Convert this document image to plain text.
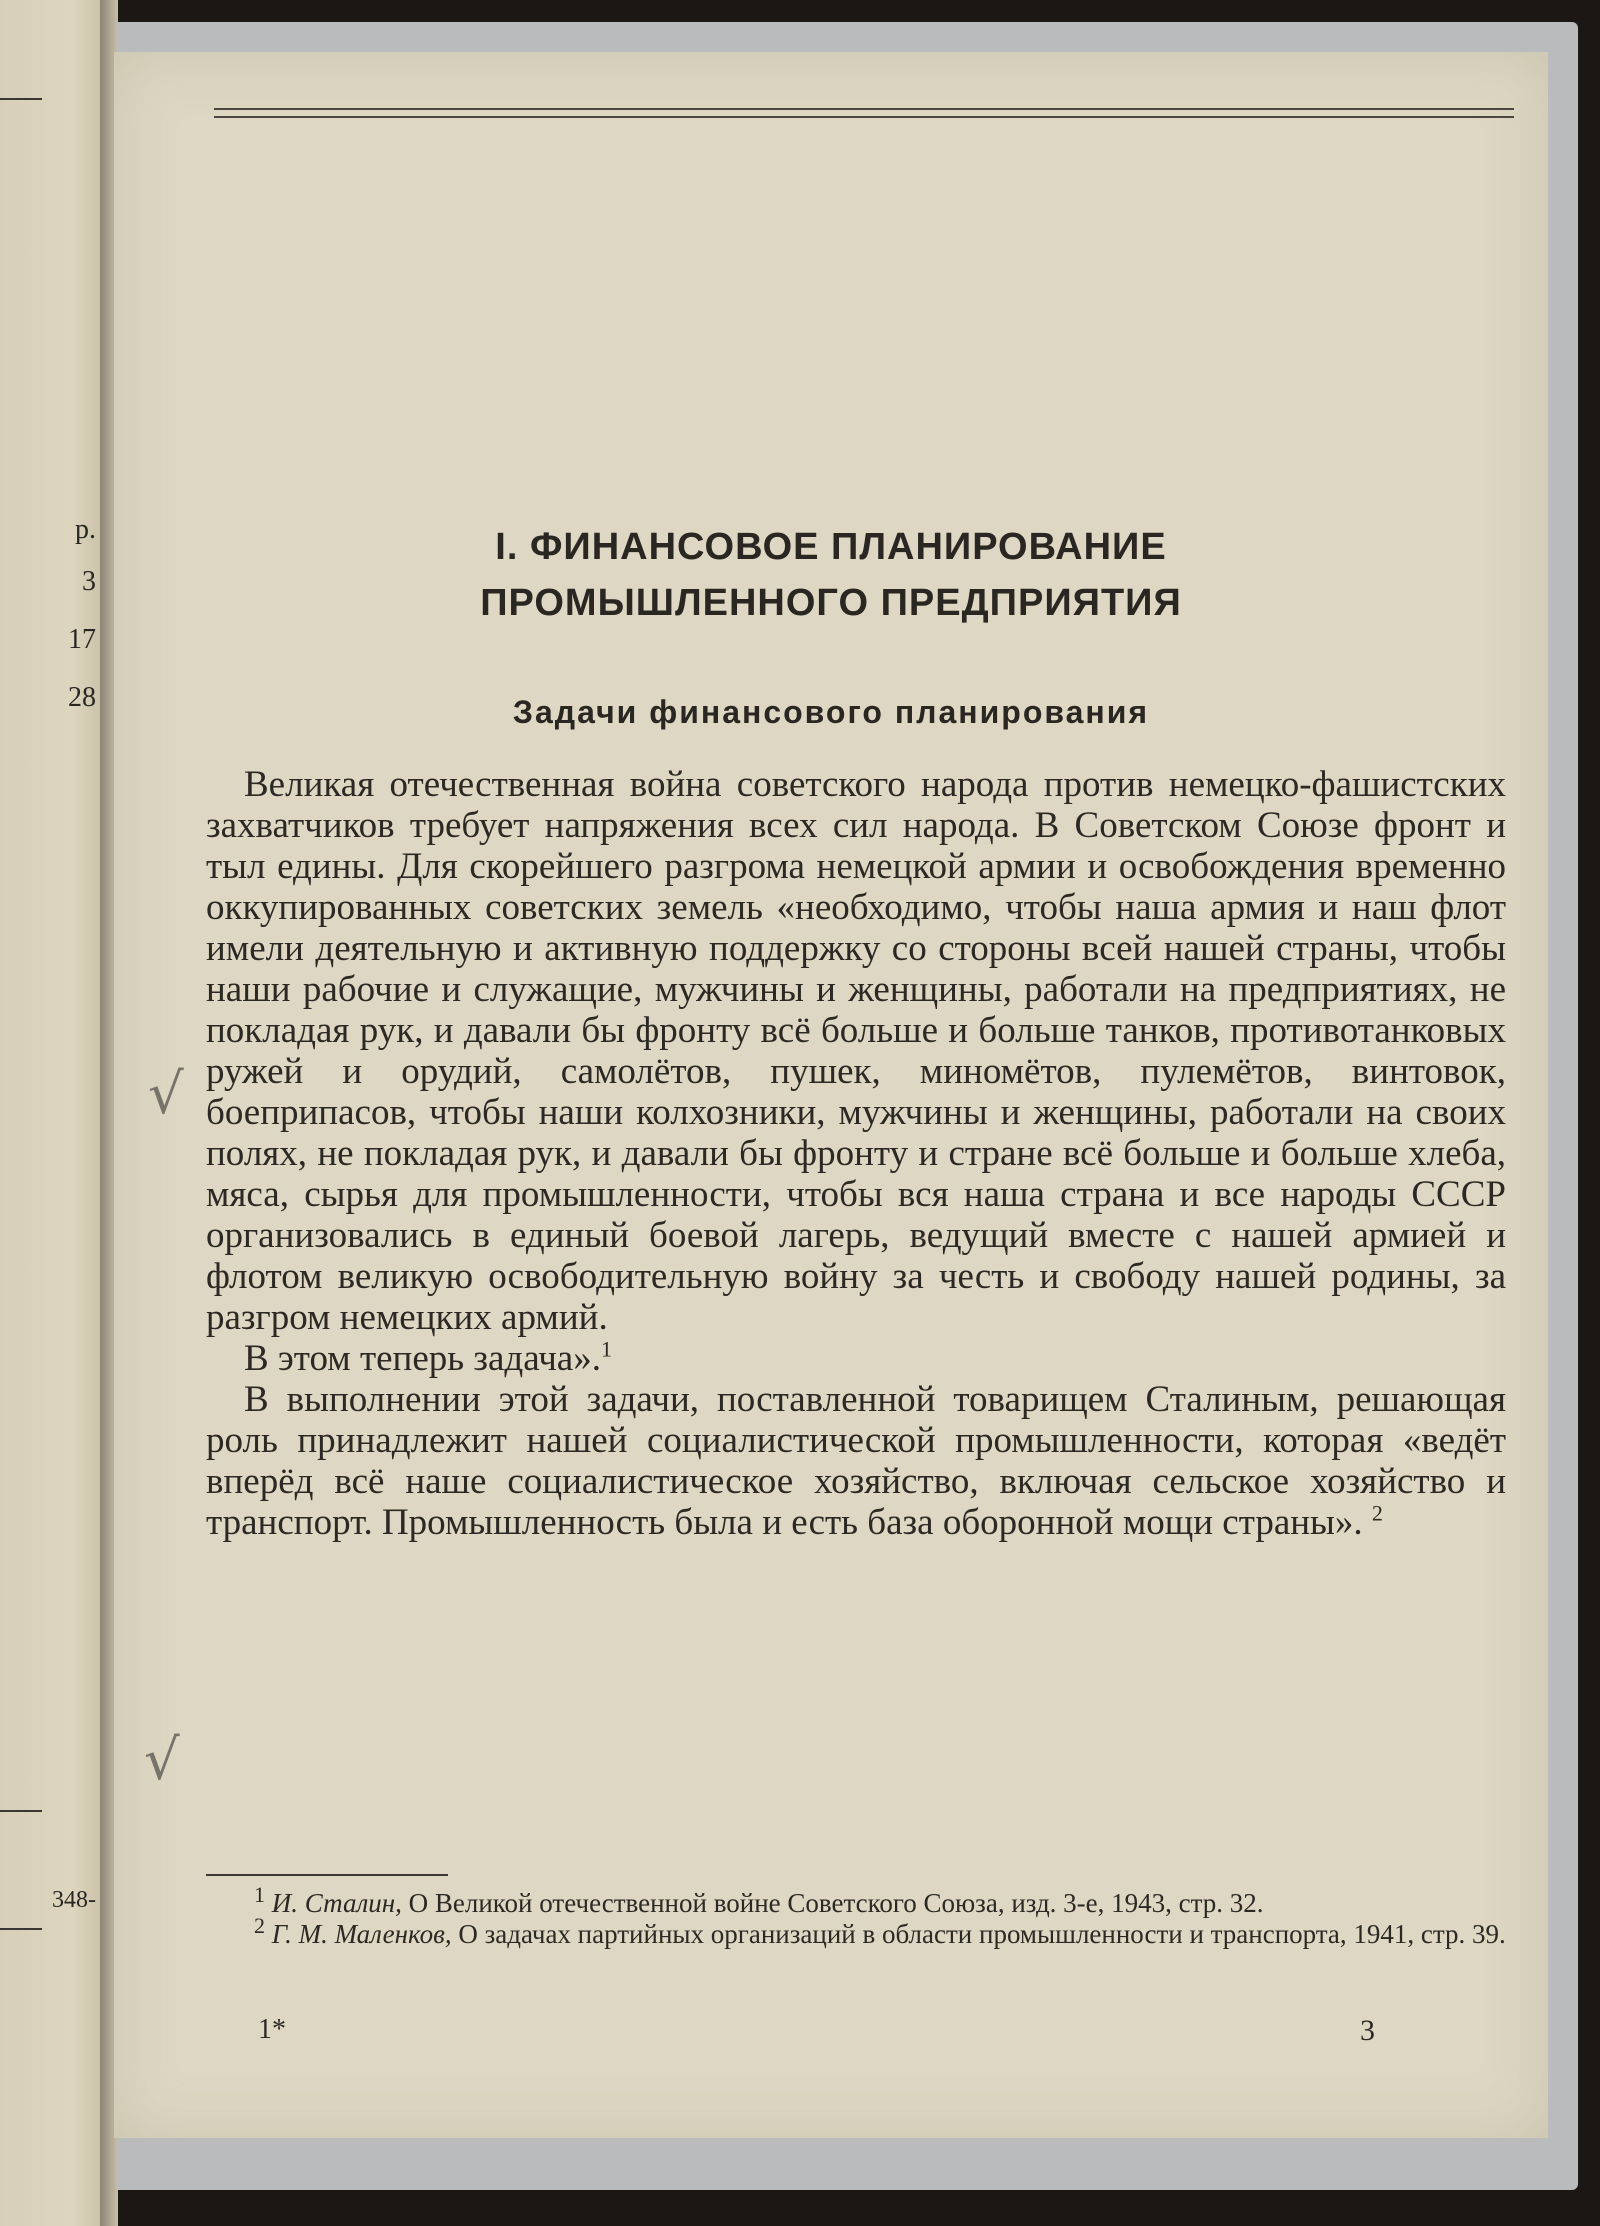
р.
3
17
28
348-
I. ФИНАНСОВОЕ ПЛАНИРОВАНИЕ
ПРОМЫШЛЕННОГО ПРЕДПРИЯТИЯ
Задачи финансового планирования

Великая отечественная война советского народа против немецко-фашистских захватчиков требует напряжения всех сил народа. В Советском Союзе фронт и тыл едины. Для скорейшего разгрома немецкой армии и освобождения временно оккупированных советских земель «необходимо, чтобы наша армия и наш флот имели деятельную и активную поддержку со стороны всей нашей страны, чтобы наши рабочие и служащие, мужчины и женщины, работали на предприятиях, не покладая рук, и давали бы фронту всё больше и больше танков, противотанковых ружей и орудий, самолётов, пушек, миномётов, пулемётов, винтовок, боеприпасов, чтобы наши колхозники, мужчины и женщины, работали на своих полях, не покладая рук, и давали бы фронту и стране всё больше и больше хлеба, мяса, сырья для промышленности, чтобы вся наша страна и все народы СССР организовались в единый боевой лагерь, ведущий вместе с нашей армией и флотом великую освободительную войну за честь и свободу нашей родины, за разгром немецких армий.

В этом теперь задача».$^1$

В выполнении этой задачи, поставленной товарищем Сталиным, решающая роль принадлежит нашей социалистической промышленности, которая «ведёт вперёд всё наше социалистическое хозяйство, включая сельское хозяйство и транспорт. Промышленность была и есть база оборонной мощи страны». $^2$

√
√

$^1$ И. Сталин, О Великой отечественной войне Советского Союза, изд. 3-е, 1943, стр. 32.

$^2$ Г. М. Маленков, О задачах партийных организаций в области промышленности и транспорта, 1941, стр. 39.

1*	3
